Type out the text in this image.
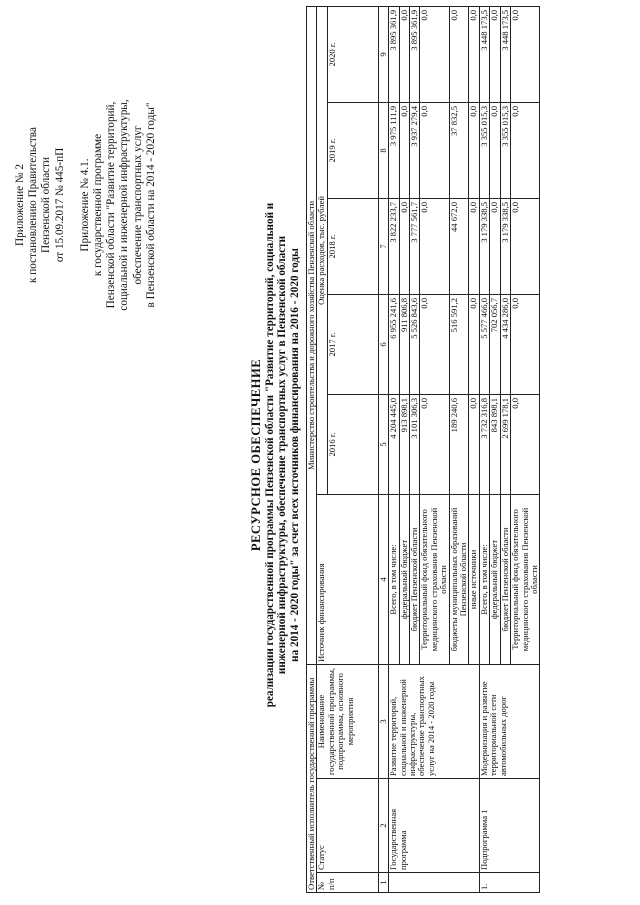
Приложение № 2 к постановлению Правительства Пензенской области от 15.09.2017 № 445-пП Приложение № 4.1. к государственной программе Пензенской области "Развитие территорий, социальной и инженерной инфраструктуры, обеспечение транспортных услуг в Пензенской области на 2014 - 2020 годы"
РЕСУРСНОЕ ОБЕСПЕЧЕНИЕ реализации государственной программы Пензенской области "Развитие территорий, социальной и инженерной инфраструктуры, обеспечение транспортных услуг в Пензенской области на 2014 - 2020 годы" за счет всех источников финансирования на 2016 - 2020 годы
Ответственный исполнитель государственной программы			Министерство строительства и дорожного хозяйства Пензенской области					
№ п/п	Статус	Наименование государственной программы, подпрограммы, основного мероприятия	Источник финансирования	Оценка расходов, тыс. рублей				
				2016 г.	2017 г.	2018 г.	2019 г.	2020 г.
1	2	3	4	5	6	7	8	9
	Государственная программа	Развитие территорий, социальной и инженерной инфраструктуры, обеспечение транспортных услуг на 2014 - 2020 годы	Всего, в том числе:	4 204 445,0	6 955 241,6	3 822 233,7	3 975 111,9	3 895 361,9
			федеральный бюджет	913 898,1	911 806,8	0,0	0,0	0,0
			бюджет Пензенской области	3 101 306,3	5 526 843,6	3 777 561,7	3 937 279,4	3 895 361,9
			Территориальный фонд обязательного медицинского страхования Пензенской области	0,0	0,0	0,0	0,0	0,0
			бюджеты муниципальных образований Пензенской области	189 240,6	516 591,2	44 672,0	37 832,5	0,0
			иные источники	0,0	0,0	0,0	0,0	0,0
1.	Подпрограмма 1	Модернизация и развитие территориальной сети автомобильных дорог	Всего, в том числе:	3 732 316,8	5 577 466,0	3 179 338,5	3 355 015,3	3 448 173,5
			федеральный бюджет	843 898,1	702 056,7	0,0	0,0	0,0
			бюджет Пензенской области	2 699 178,1	4 434 286,0	3 179 338,5	3 355 015,3	3 448 173,5
			Территориальный фонд обязательного медицинского страхования Пензенской области	0,0	0,0	0,0	0,0	0,0
